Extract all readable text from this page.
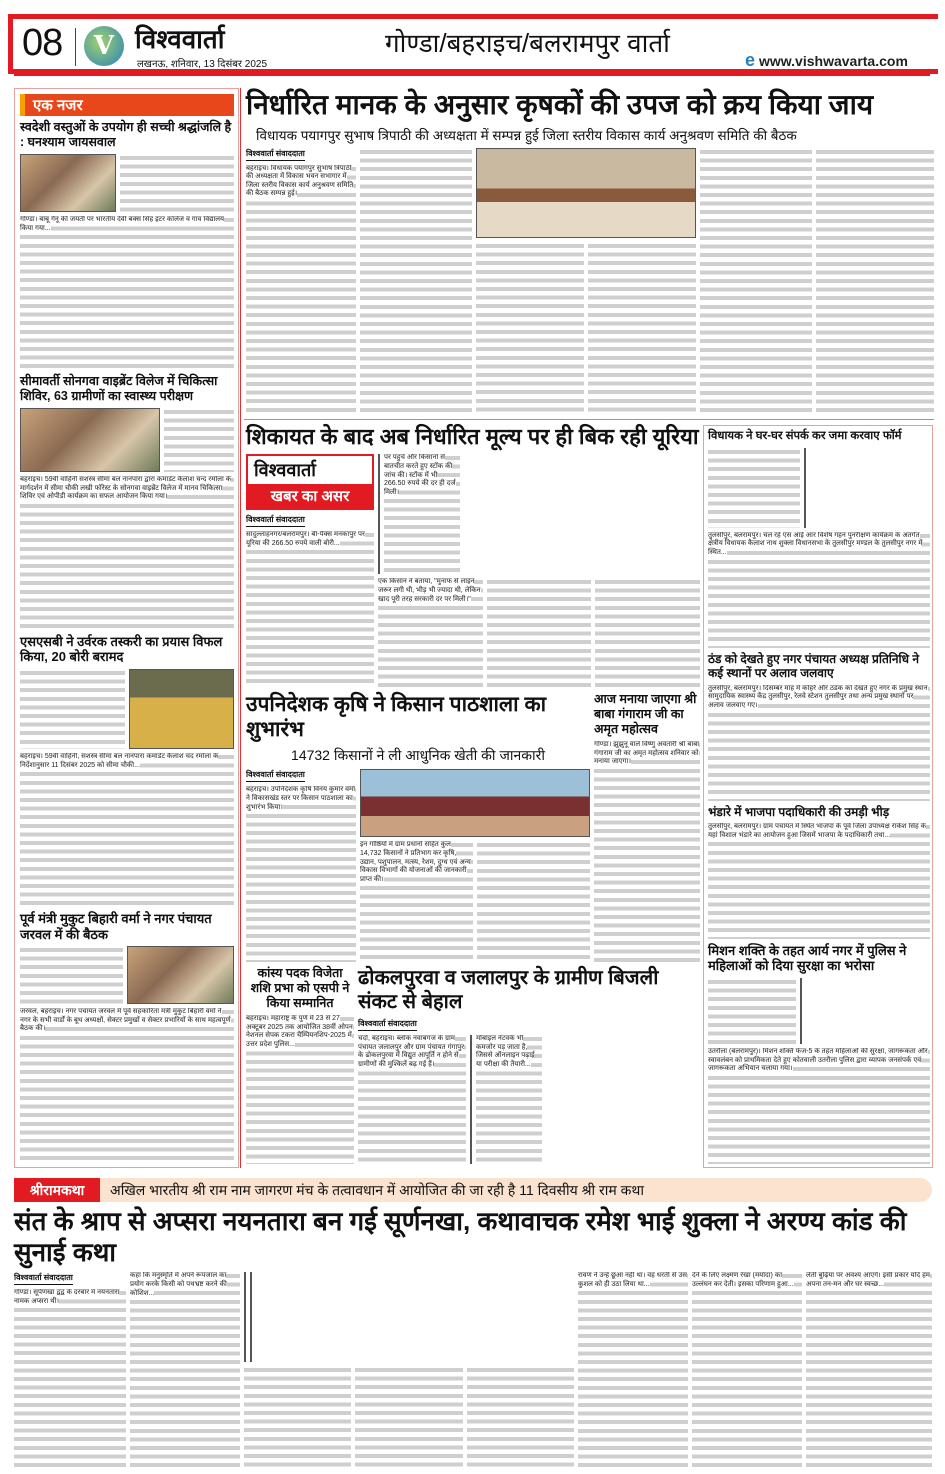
08	V विश्ववार्ता
लखनऊ, शनिवार, 13 दिसंबर 2025
गोण्डा/बहराइच/बलरामपुर वार्ता
e www.vishwavarta.com
एक नजर
स्वदेशी वस्तुओं के उपयोग ही सच्ची श्रद्धांजलि है : घनश्याम जायसवाल
गोण्डा। बाबू गेनू की जयंती पर भारतीय देवी बक्स सिंह इंटर कॉलेज व गांव विद्यालय किया गया...
सीमावर्ती सोनगवा वाइब्रेंट विलेज में चिकित्सा शिविर, 63 ग्रामीणों का स्वास्थ्य परीक्षण
बहराइच। 59वीं वाहिनी सशस्त्र सीमा बल नानपारा द्वारा कमांडेंट कैलाश चन्द रमोला के मार्गदर्शन में सीमा चौकी लखी फॉरेस्ट के सोनगवा वाइब्रेंट विलेज में मानव चिकित्सा शिविर एवं ओपीडी कार्यक्रम का सफल आयोजन किया गया।
एसएसबी ने उर्वरक तस्करी का प्रयास विफल किया, 20 बोरी बरामद
बहराइच। 59वीं वाहिनी, सशस्त्र सीमा बल नानपारा कमांडेंट कैलाश चंद रमोला के निर्देशानुसार 11 दिसंबर 2025 को सीमा चौकी...
पूर्व मंत्री मुकुट बिहारी वर्मा ने नगर पंचायत जरवल में की बैठक
जरवल, बहराइच। नगर पंचायत जरवल में पूर्व सहकारिता मंत्री मुकुट बिहारी वर्मा ने नगर के सभी वार्डों के बूथ अध्यक्षों, सेक्टर प्रमुखों व सेक्टर प्रभारियों के साथ महत्वपूर्ण बैठक की।
निर्धारित मानक के अनुसार कृषकों की उपज को क्रय किया जाय
विधायक पयागपुर सुभाष त्रिपाठी की अध्यक्षता में सम्पन्न हुई जिला स्तरीय विकास कार्य अनुश्रवण समिति की बैठक
विश्ववार्ता संवाददाता
बहराइच। विधायक पयागपुर सुभाष त्रिपाठी की अध्यक्षता में विकास भवन सभागार में जिला स्तरीय विकास कार्य अनुश्रवण समिति की बैठक सम्पन्न हुई।
शिकायत के बाद अब निर्धारित मूल्य पर ही बिक रही यूरिया
विश्ववार्ता
खबर का असर
विश्ववार्ता संवाददाता
सादुल्लाहनगर/बलरामपुर। बी-पैक्स मनकापुर पर यूरिया की 266.50 रुपये वाली बोरी...
पर पहुंचे और किसानों से बातचीत करते हुए स्टॉक की जांच की। स्टॉक में भी 266.50 रुपये की दर ही दर्ज मिली।
एक किसान ने बताया, "मुनाफ से लाइन जरूर लगी थी, भीड़ भी ज्यादा थी, लेकिन खाद पूरी तरह सरकारी दर पर मिली।"
उपनिदेशक कृषि ने किसान पाठशाला का शुभारंभ
14732 किसानों ने ली आधुनिक खेती की जानकारी
विश्ववार्ता संवाददाता
बहराइच। उपनिदेशक कृषि विनय कुमार वर्मा ने विकासखंड स्तर पर किसान पाठशाला का शुभारंभ किया।
इन गोष्ठियों में ग्राम प्रधानों सहित कुल 14,732 किसानों ने प्रतिभाग कर कृषि, उद्यान, पशुपालन, मत्स्य, रेशम, दुग्ध एवं अन्य विकास विभागों की योजनाओं की जानकारी प्राप्त की।
आज मनाया जाएगा श्री बाबा गंगाराम जी का अमृत महोत्सव
गोण्डा। झुंझुनू वाले विष्णु अवतारी श्री बाबा गंगाराम जी का अमृत महोत्सव शनिवार को मनाया जाएगा।
कांस्य पदक विजेता शशि प्रभा को एसपी ने किया सम्मानित
बहराइच। महाराष्ट्र के पुणे में 23 से 27 अक्टूबर 2025 तक आयोजित 38वीं ओपन नेशनल सेपक टकरा चैम्पियनशिप-2025 में उत्तर प्रदेश पुलिस...
ढोकलपुरवा व जलालपुर के ग्रामीण बिजली संकट से बेहाल
विश्ववार्ता संवाददाता
चर्दा, बहराइच। ब्लॉक नवाबगंज के ग्राम पंचायत जलालपुर और ग्राम पंचायत गंगापुर के ढोकलपुरवा में विद्युत आपूर्ति न होने से ग्रामीणों की मुश्किलें बढ़ गई हैं।
मोबाइल नेटवर्क भी कमजोर पड़ जाता है, जिससे ऑनलाइन पढ़ाई या परीक्षा की तैयारी...
विधायक ने घर-घर संपर्क कर जमा करवाए फॉर्म
तुलसीपुर, बलरामपुर। चल रहे एस आई आर विशेष गहन पुनरीक्षण कार्यक्रम के अंतर्गत क्षेत्रीय विधायक कैलाश नाथ शुक्ला विधानसभा के तुलसीपुर मण्डल के तुलसीपुर नगर में स्थित...
ठंड को देखते हुए नगर पंचायत अध्यक्ष प्रतिनिधि ने कई स्थानों पर अलाव जलवाए
तुलसीपुर, बलरामपुर। दिसम्बर माह में कोहरे और ठंडक को देखते हुए नगर के प्रमुख स्थान सामुदायिक स्वास्थ्य केंद्र तुलसीपुर, रेलवे स्टेशन तुलसीपुर तथा अन्य प्रमुख स्थानों पर अलाव जलवाए गए।
भंडारे में भाजपा पदाधिकारी की उमड़ी भीड़
तुलसीपुर, बलरामपुर। ग्राम पंचायत में स्थित भाजपा के पूर्व जिला उपाध्यक्ष राकेश सिंह के यहां विशाल भंडारे का आयोजन हुआ जिसमें भाजपा के पदाधिकारी तथा...
मिशन शक्ति के तहत आर्य नगर में पुलिस ने महिलाओं को दिया सुरक्षा का भरोसा
उतरौला (बलरामपुर)। मिशन शक्ति फेज-5 के तहत महिलाओं की सुरक्षा, जागरूकता और स्वावलंबन को प्राथमिकता देते हुए कोतवाली उतरौला पुलिस द्वारा व्यापक जनसंपर्क एवं जागरूकता अभियान चलाया गया।
श्रीरामकथा	अखिल भारतीय श्री राम नाम जागरण मंच के तत्वावधान में आयोजित की जा रही है 11 दिवसीय श्री राम कथा
संत के श्राप से अप्सरा नयनतारा बन गई सूर्णनखा, कथावाचक रमेश भाई शुक्ला ने अरण्य कांड की सुनाई कथा
विश्ववार्ता संवाददाता
गोण्डा। सूर्पणखा द्वंद्व के दरबार में नयनतारा नामक अप्सरा थी।
कहा कि मनुस्मृति में अपने रूपजाल का प्रयोग करके किसी को पथभ्रष्ट करने की कोशिश...
रावण ने उन्हें छूआ नहीं था। वह धरती से उस कुशल को ही उठा लिया था...
देने के लिए लक्ष्मण रेखा (मर्यादा) का उल्लंघन कर देती। इसका परिणाम हुआ...
लेती बुढ़िया पर अवश्य आएंगे। इसी प्रकार यदि हम अपना तन-मन और घर स्वच्छ...
